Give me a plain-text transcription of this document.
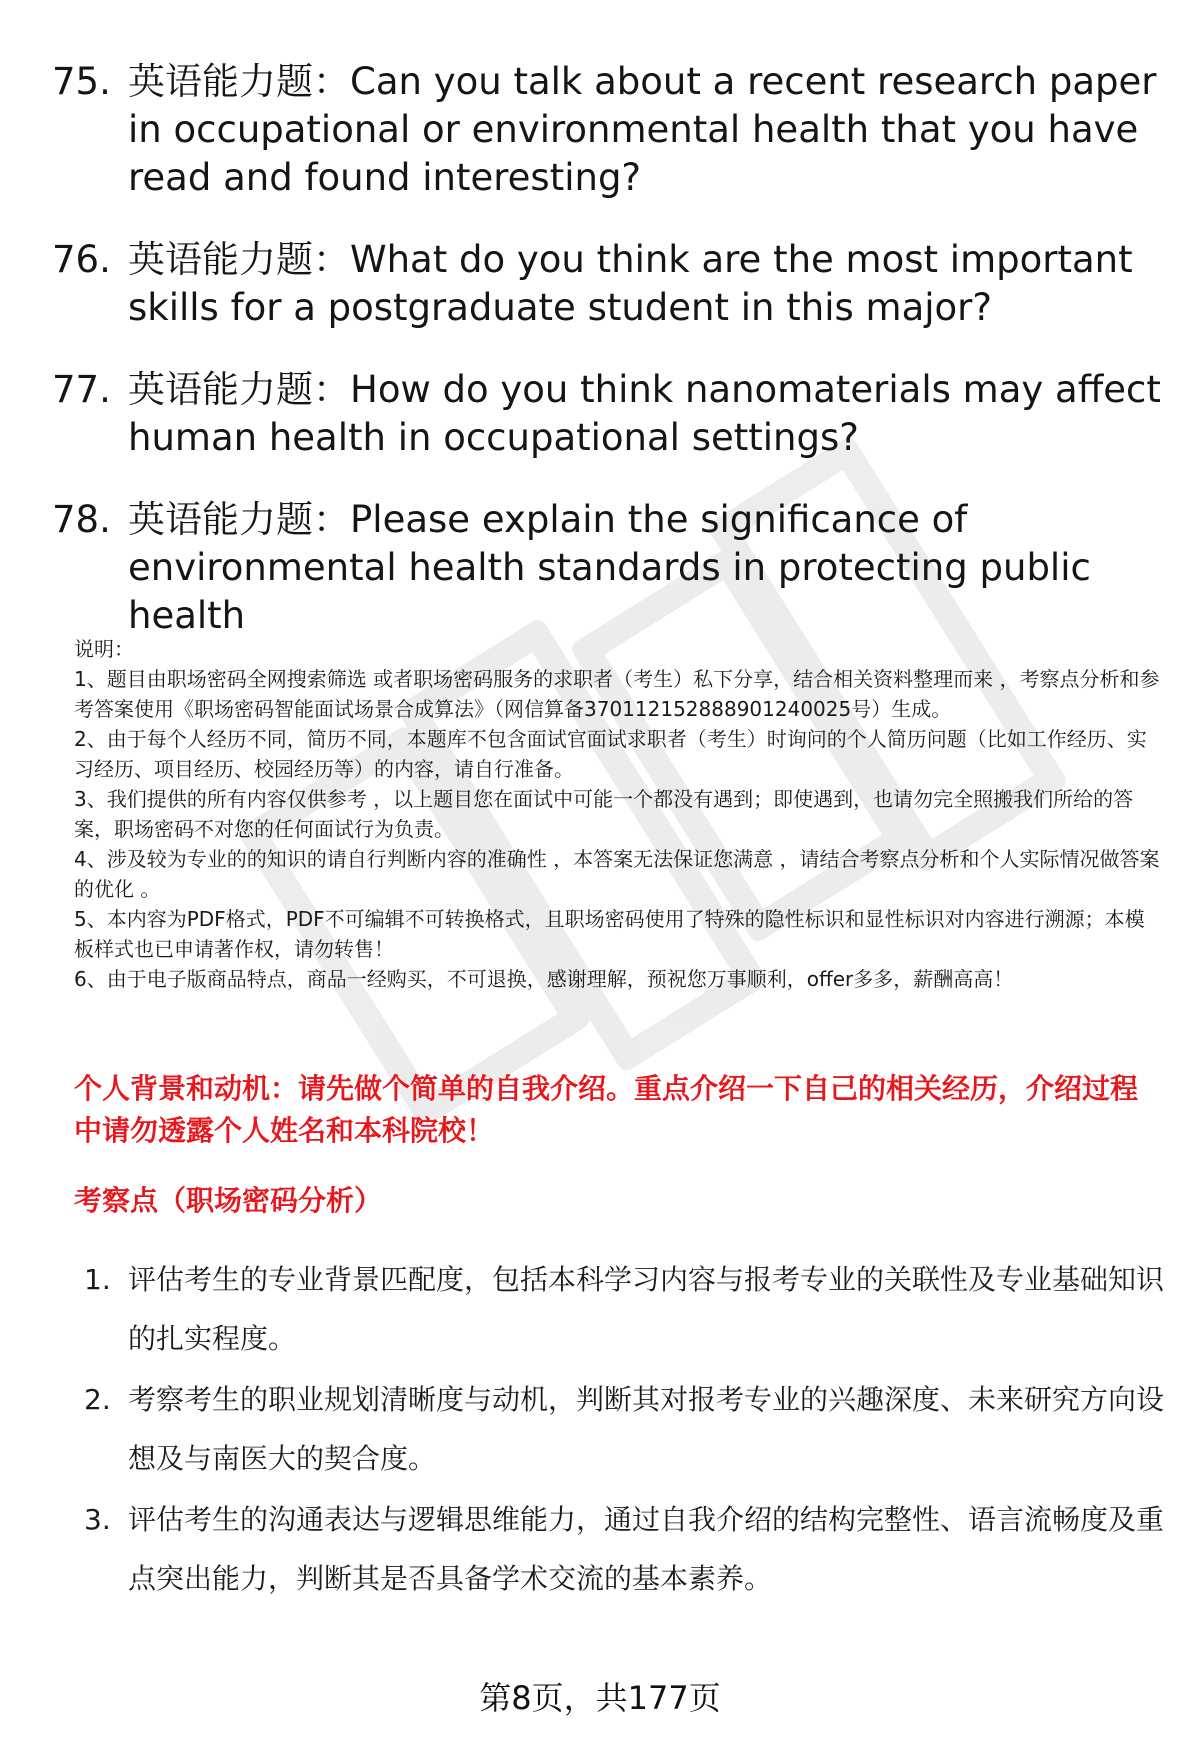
75. 英语能力题：Can you talk about a recent research paper in occupational or environmental health that you have read and found interesting?
76. 英语能力题：What do you think are the most important skills for a postgraduate student in this major?
77. 英语能力题：How do you think nanomaterials may affect human health in occupational settings?
78. 英语能力题：Please explain the significance of environmental health standards in protecting public health

说明：

1、题目由职场密码全网搜索筛选 或者职场密码服务的求职者（考生）私下分享，结合相关资料整理而来 ，考察点分析和参考答案使用《职场密码智能面试场景合成算法》（网信算备370112152888901240025号）生成。

2、由于每个人经历不同，简历不同，本题库不包含面试官面试求职者（考生）时询问的个人简历问题（比如工作经历、实习经历、项目经历、校园经历等）的内容，请自行准备。

3、我们提供的所有内容仅供参考 ，以上题目您在面试中可能一个都没有遇到；即使遇到，也请勿完全照搬我们所给的答案，职场密码不对您的任何面试行为负责。

4、涉及较为专业的的知识的请自行判断内容的准确性 ，本答案无法保证您满意 ，请结合考察点分析和个人实际情况做答案的优化 。

5、本内容为PDF格式，PDF不可编辑不可转换格式，且职场密码使用了特殊的隐性标识和显性标识对内容进行溯源；本模板样式也已申请著作权，请勿转售！

6、由于电子版商品特点，商品一经购买，不可退换，感谢理解，预祝您万事顺利，offer多多，薪酬高高！

个人背景和动机：请先做个简单的自我介绍。重点介绍一下自己的相关经历，介绍过程中请勿透露个人姓名和本科院校！
考察点（职场密码分析）
1. 评估考生的专业背景匹配度，包括本科学习内容与报考专业的关联性及专业基础知识的扎实程度。
2. 考察考生的职业规划清晰度与动机，判断其对报考专业的兴趣深度、未来研究方向设想及与南医大的契合度。
3. 评估考生的沟通表达与逻辑思维能力，通过自我介绍的结构完整性、语言流畅度及重点突出能力，判断其是否具备学术交流的基本素养。
第8页，共177页
